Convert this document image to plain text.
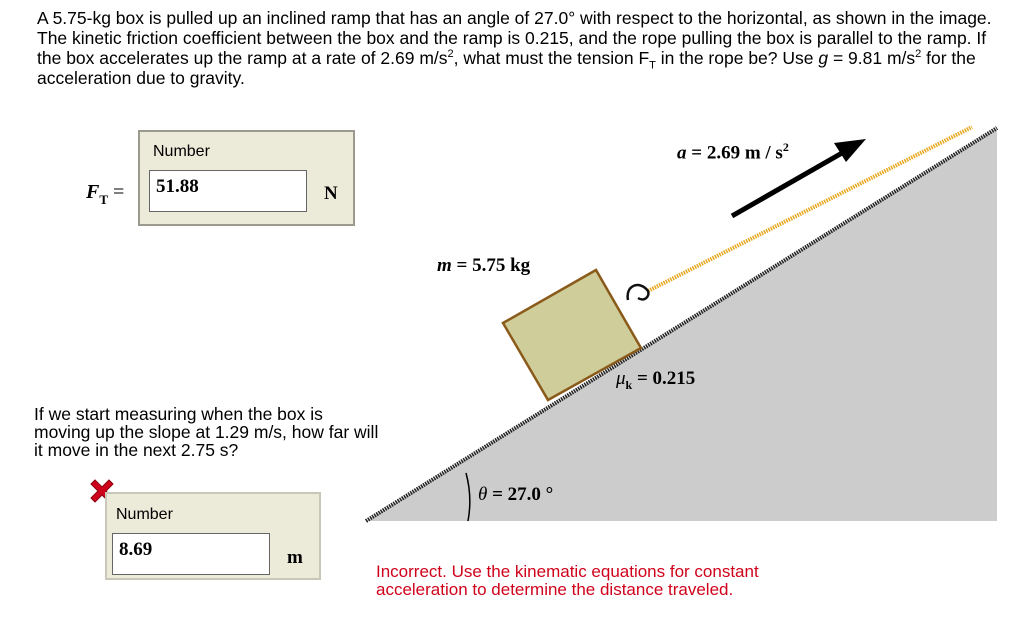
A 5.75-kg box is pulled up an inclined ramp that has an angle of 27.0° with respect to the horizontal, as shown in the image. The kinetic friction coefficient between the box and the ramp is 0.215, and the rope pulling the box is parallel to the ramp. If the box accelerates up the ramp at a rate of 2.69 $m/s^2$, what must the tension $F_T$ in the rope be? Use g = 9.81 $m/s^2$ for the acceleration due to gravity.
$F_T$ =
Number
51.88	N
If we start measuring when the box is moving up the slope at 1.29 m/s, how far will it move in the next 2.75 s?
Number
8.69	m
Incorrect. Use the kinematic equations for constant acceleration to determine the distance traveled.
a = 2.69 m / $s^2$
m = 5.75 kg
$\mu_k = 0.215$
θ = 27.0 °
